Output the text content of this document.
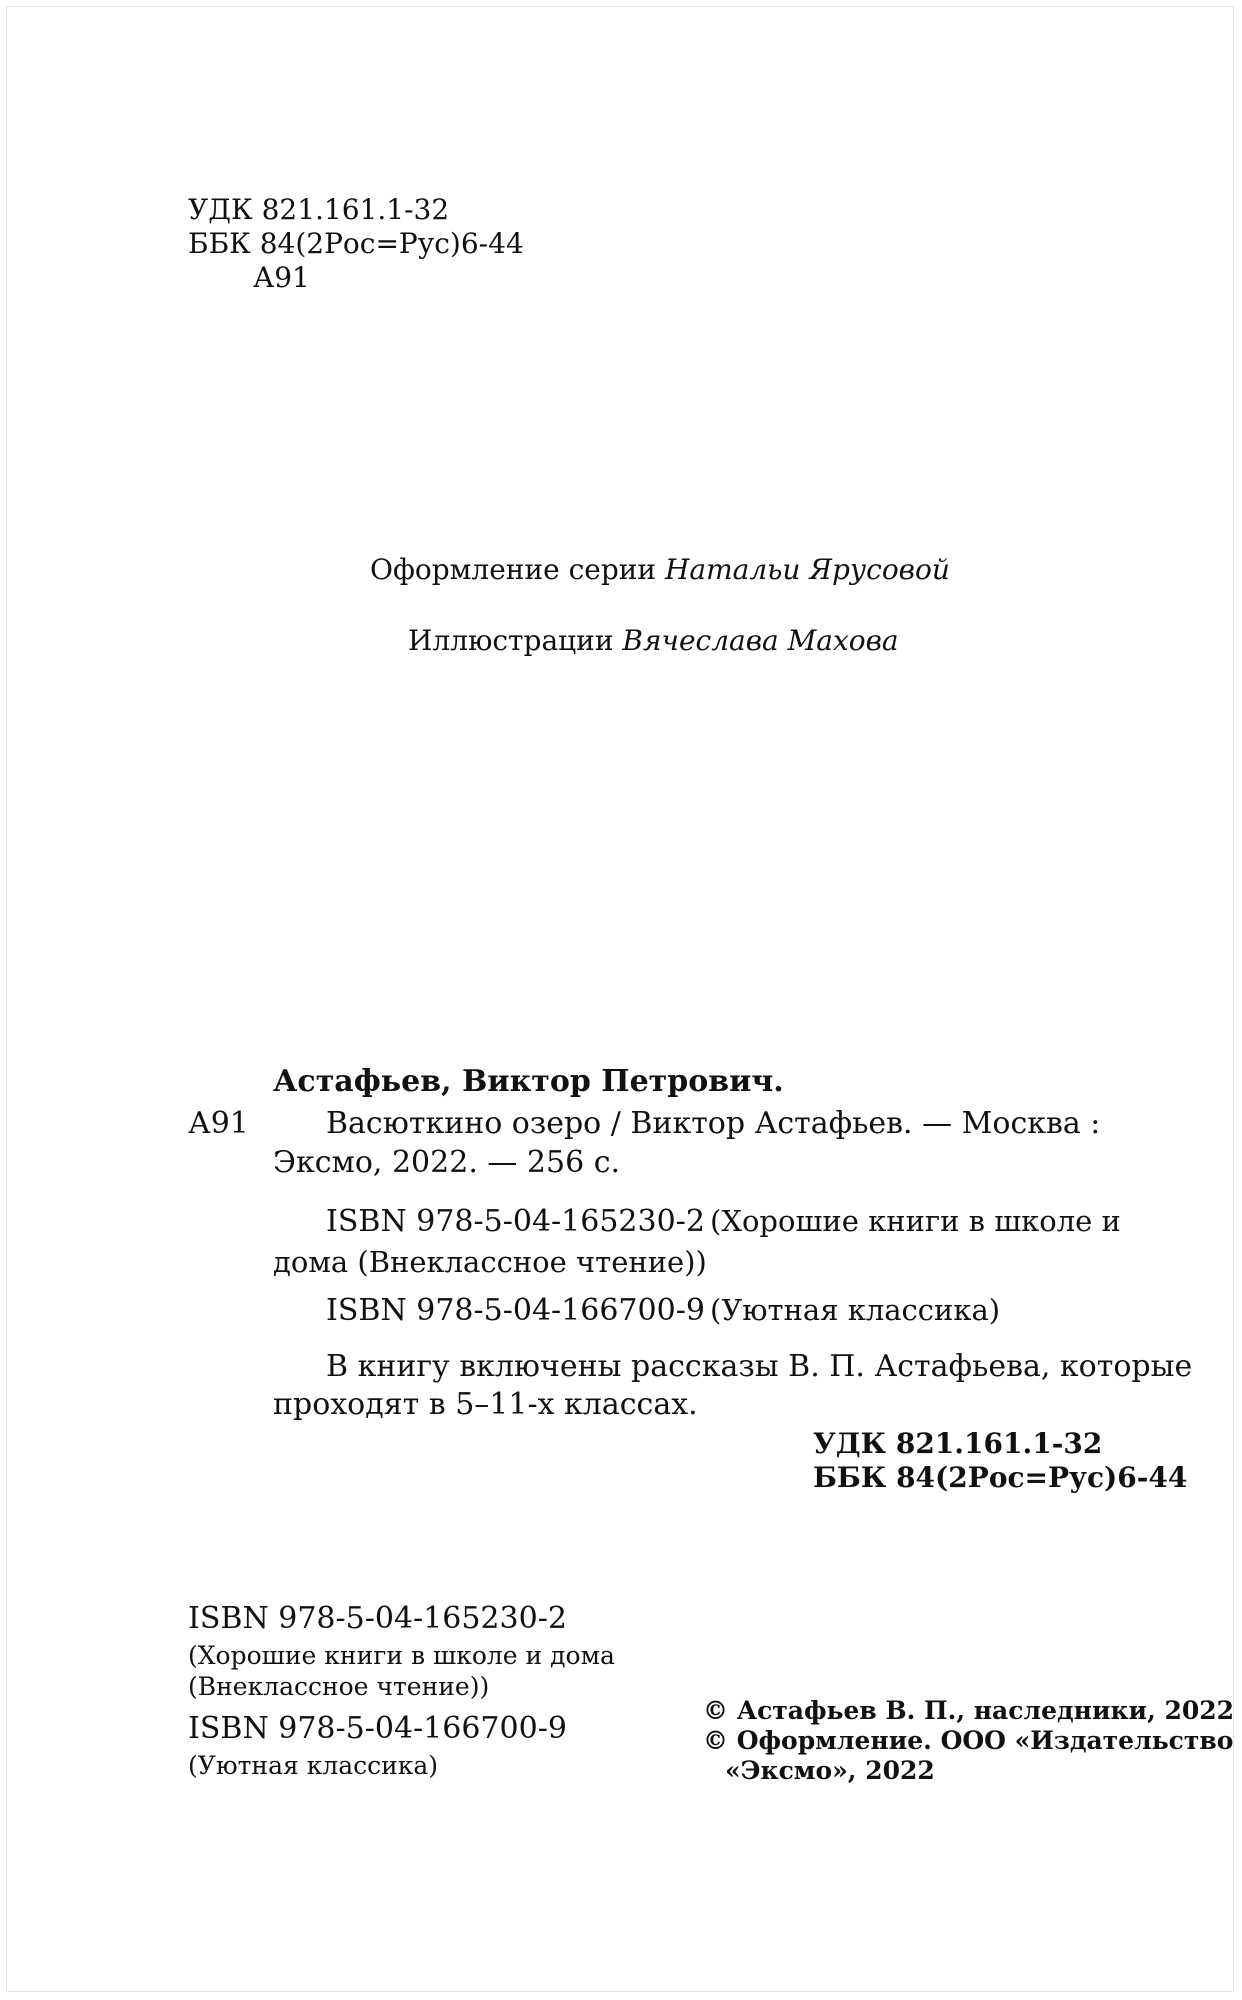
УДК 821.161.1-32
ББК 84(2Рос=Рус)6-44
А91
Оформление серии Натальи Ярусовой
Иллюстрации Вячеслава Махова
Астафьев, Виктор Петрович.
А91	Васюткино озеро / Виктор Астафьев. — Москва :
Эксмо, 2022. — 256 с.
ISBN 978-5-04-165230-2 (Хорошие книги в школе и
дома (Внеклассное чтение))
ISBN 978-5-04-166700-9 (Уютная классика)
В книгу включены рассказы В. П. Астафьева, которые
проходят в 5–11-х классах.
УДК 821.161.1-32
ББК 84(2Рос=Рус)6-44
ISBN 978-5-04-165230-2
(Хорошие книги в школе и дома
(Внеклассное чтение))
ISBN 978-5-04-166700-9
(Уютная классика)
© Астафьев В. П., наследники, 2022
© Оформление. ООО «Издательство
«Эксмо», 2022
